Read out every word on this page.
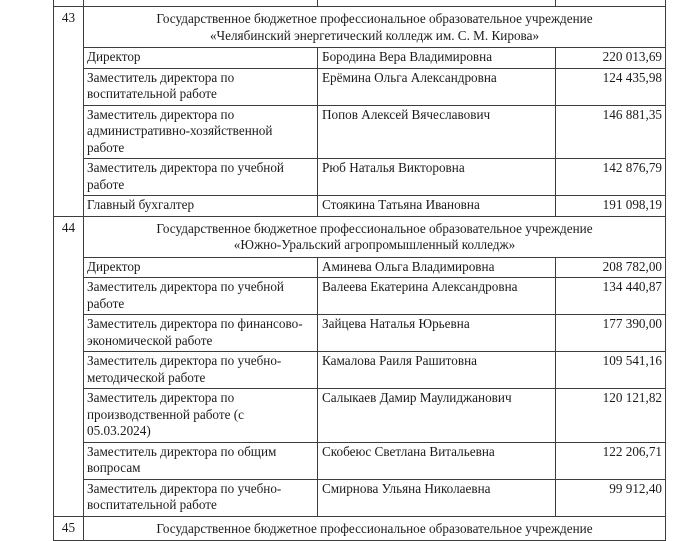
43	Государственное бюджетное профессиональное образовательное учреждение
«Челябинский энергетический колледж им. С. М. Кирова»		

	Директор	Бородина Вера Владимировна	220 013,69
	Заместитель директора по воспитательной работе	Ерёмина Ольга Александровна	124 435,98
	Заместитель директора по административно-хозяйственной работе	Попов Алексей Вячеславович	146 881,35
	Заместитель директора по учебной работе	Рюб Наталья Викторовна	142 876,79
	Главный бухгалтер	Стоякина Татьяна Ивановна	191 098,19
44	Государственное бюджетное профессиональное образовательное учреждение
«Южно-Уральский агропромышленный колледж»		

	Директор	Аминева Ольга Владимировна	208 782,00
	Заместитель директора по учебной работе	Валеева Екатерина Александровна	134 440,87
	Заместитель директора по финансово-экономической работе	Зайцева Наталья Юрьевна	177 390,00
	Заместитель директора по учебно-методической работе	Камалова Раиля Рашитовна	109 541,16
	Заместитель директора по производственной работе (с 05.03.2024)	Салыкаев Дамир Маулиджанович	120 121,82
	Заместитель директора по общим вопросам	Скобеюс Светлана Витальевна	122 206,71
	Заместитель директора по учебно-воспитательной работе	Смирнова Ульяна Николаевна	99 912,40
45	Государственное бюджетное профессиональное образовательное учреждение		
